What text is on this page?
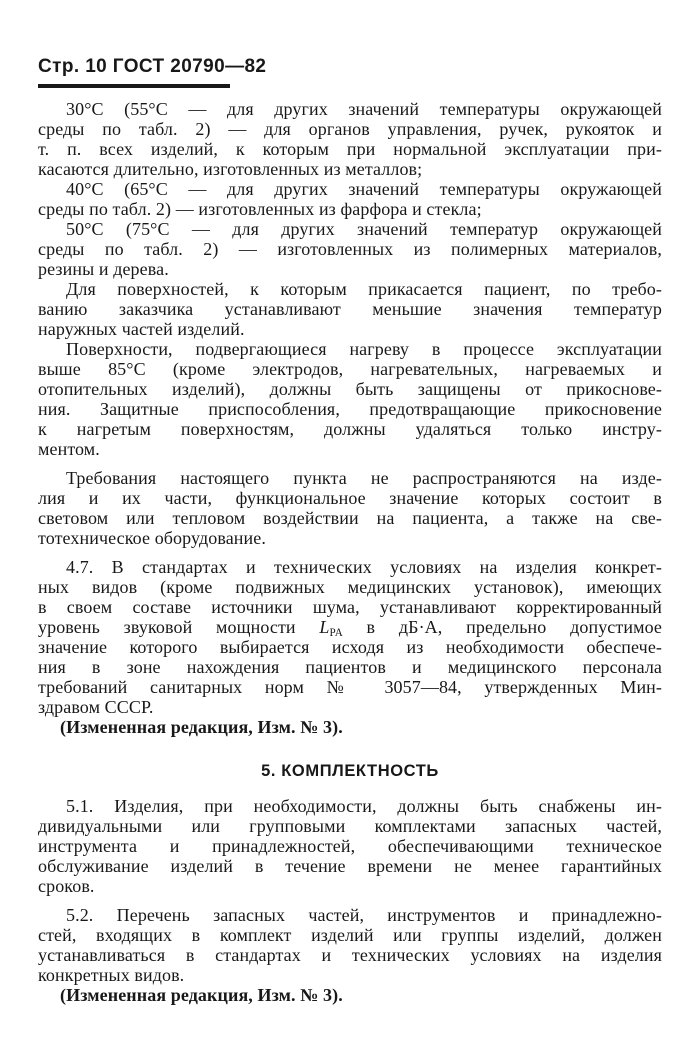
Стр. 10 ГОСТ 20790—82
30°С (55°С — для других значений температуры окружающей
среды по табл. 2) — для органов управления, ручек, рукояток и
т. п. всех изделий, к которым при нормальной эксплуатации при-
касаются длительно, изготовленных из металлов;
40°С (65°С — для других значений температуры окружающей
среды по табл. 2) — изготовленных из фарфора и стекла;
50°С (75°С — для других значений температур окружающей
среды по табл. 2) — изготовленных из полимерных материалов,
резины и дерева.
Для поверхностей, к которым прикасается пациент, по требо-
ванию заказчика устанавливают меньшие значения температур
наружных частей изделий.
Поверхности, подвергающиеся нагреву в процессе эксплуатации
выше 85°С (кроме электродов, нагревательных, нагреваемых и
отопительных изделий), должны быть защищены от прикоснове-
ния. Защитные приспособления, предотвращающие прикосновение
к нагретым поверхностям, должны удаляться только инстру-
ментом.
Требования настоящего пункта не распространяются на изде-
лия и их части, функциональное значение которых состоит в
световом или тепловом воздействии на пациента, а также на све-
тотехническое оборудование.
4.7. В стандартах и технических условиях на изделия конкрет-
ных видов (кроме подвижных медицинских установок), имеющих
в своем составе источники шума, устанавливают корректированный
уровень звуковой мощности $L_{PA}$ в дБ·А, предельно допустимое
значение которого выбирается исходя из необходимости обеспече-
ния в зоне нахождения пациентов и медицинского персонала
требований санитарных норм № 3057—84, утвержденных Мин-
здравом СССР.
(Измененная редакция, Изм. № 3).
5. КОМПЛЕКТНОСТЬ
5.1. Изделия, при необходимости, должны быть снабжены ин-
дивидуальными или групповыми комплектами запасных частей,
инструмента и принадлежностей, обеспечивающими техническое
обслуживание изделий в течение времени не менее гарантийных
сроков.
5.2. Перечень запасных частей, инструментов и принадлежно-
стей, входящих в комплект изделий или группы изделий, должен
устанавливаться в стандартах и технических условиях на изделия
конкретных видов.
(Измененная редакция, Изм. № 3).
